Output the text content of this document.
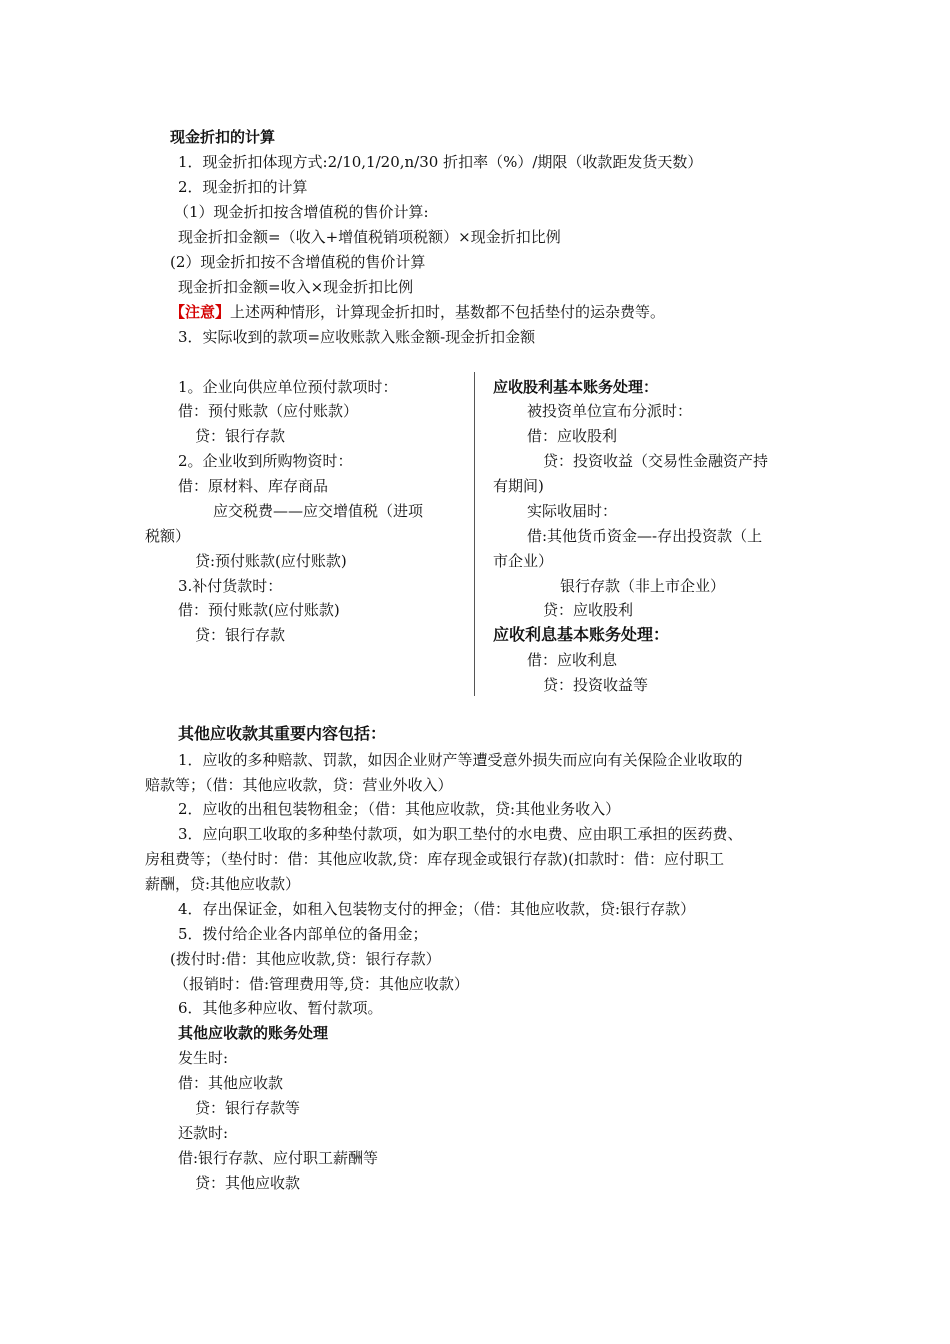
现金折扣的计算
1．现金折扣体现方式:2/10,1/20,n/30 折扣率（%）/期限（收款距发货天数）
2．现金折扣的计算
（1）现金折扣按含增值税的售价计算:
现金折扣金额=（收入+增值税销项税额）×现金折扣比例
(2）现金折扣按不含增值税的售价计算
现金折扣金额=收入×现金折扣比例
【注意】上述两种情形，计算现金折扣时，基数都不包括垫付的运杂费等。
3．实际收到的款项=应收账款入账金额-现金折扣金额
1。企业向供应单位预付款项时：
借：预付账款（应付账款）
贷：银行存款
2。企业收到所购物资时：
借：原材料、库存商品
应交税费——应交增值税（进项
税额）
贷:预付账款(应付账款)
3.补付货款时：
借：预付账款(应付账款)
贷：银行存款
应收股利基本账务处理：
被投资单位宣布分派时：
借：应收股利
贷：投资收益（交易性金融资产持
有期间)
实际收届时：
借:其他货币资金—-存出投资款（上
市企业）
银行存款（非上市企业）
贷：应收股利
应收利息基本账务处理：
借：应收利息
贷：投资收益等
其他应收款其重要内容包括：
1．应收的多种赔款、罚款，如因企业财产等遭受意外损失而应向有关保险企业收取的
赔款等；（借：其他应收款，贷：营业外收入）
2．应收的出租包装物租金；（借：其他应收款，贷:其他业务收入）
3．应向职工收取的多种垫付款项，如为职工垫付的水电费、应由职工承担的医药费、
房租费等；（垫付时：借：其他应收款,贷：库存现金或银行存款)(扣款时：借：应付职工
薪酬，贷:其他应收款）
4．存出保证金，如租入包装物支付的押金；（借：其他应收款，贷:银行存款）
5．拨付给企业各内部单位的备用金；
(拨付时:借：其他应收款,贷：银行存款）
（报销时：借:管理费用等,贷：其他应收款）
6．其他多种应收、暂付款项。
其他应收款的账务处理
发生时:
借：其他应收款
贷：银行存款等
还款时:
借:银行存款、应付职工薪酬等
贷：其他应收款
